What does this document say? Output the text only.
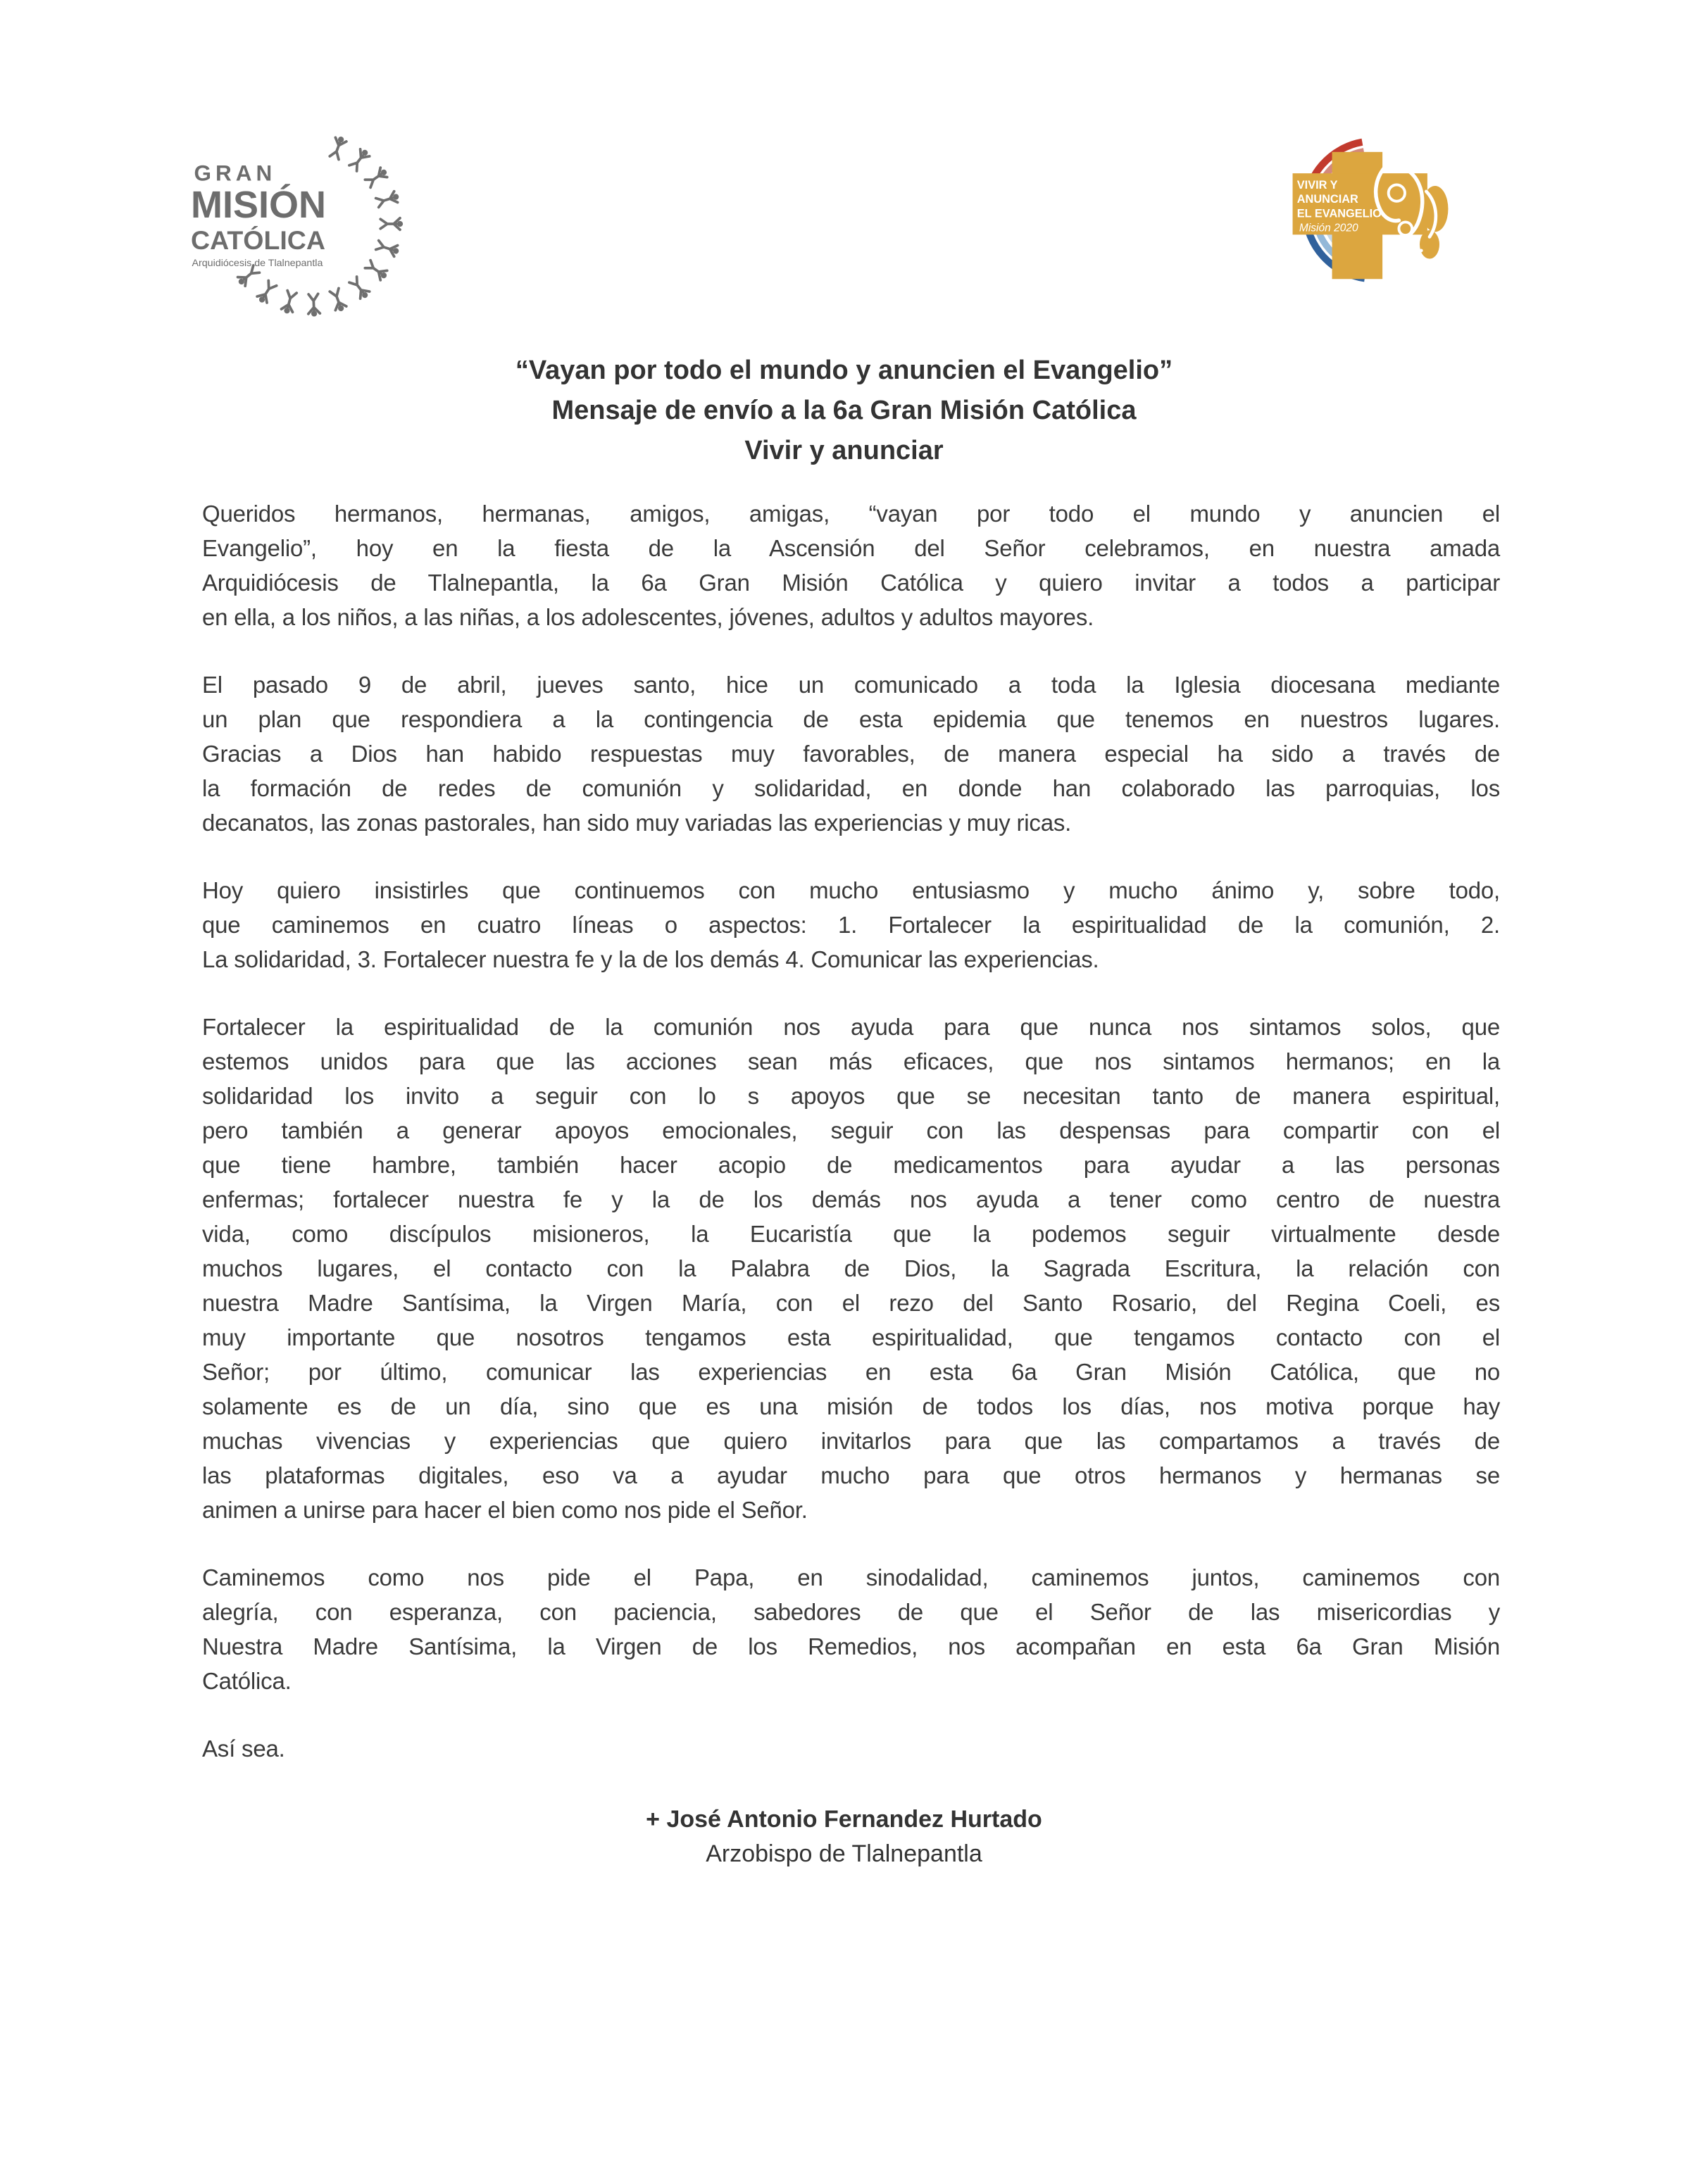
GRAN
MISIÓN
CATÓLICA
Arquidiócesis de Tlalnepantla
VIVIR Y
ANUNCIAR
EL EVANGELIO
Misión 2020
“Vayan por todo el mundo y anuncien el Evangelio”
Mensaje de envío a la 6a Gran Misión Católica
Vivir y anunciar
Queridos hermanos, hermanas, amigos, amigas, “vayan por todo el mundo y anuncien el
Evangelio”, hoy en la fiesta de la Ascensión del Señor celebramos, en nuestra amada
Arquidiócesis de Tlalnepantla, la 6a Gran Misión Católica y quiero invitar a todos a participar
en ella, a los niños, a las niñas, a los adolescentes, jóvenes, adultos y adultos mayores.
El pasado 9 de abril, jueves santo, hice un comunicado a toda la Iglesia diocesana mediante
un plan que respondiera a la contingencia de esta epidemia que tenemos en nuestros lugares.
Gracias a Dios han habido respuestas muy favorables, de manera especial ha sido a través de
la formación de redes de comunión y solidaridad, en donde han colaborado las parroquias, los
decanatos, las zonas pastorales, han sido muy variadas las experiencias y muy ricas.
Hoy quiero insistirles que continuemos con mucho entusiasmo y mucho ánimo y, sobre todo,
que caminemos en cuatro líneas o aspectos: 1. Fortalecer la espiritualidad de la comunión, 2.
La solidaridad, 3. Fortalecer nuestra fe y la de los demás 4. Comunicar las experiencias.
Fortalecer la espiritualidad de la comunión nos ayuda para que nunca nos sintamos solos, que
estemos unidos para que las acciones sean más eficaces, que nos sintamos hermanos; en la
solidaridad los invito a seguir con lo s apoyos que se necesitan tanto de manera espiritual,
pero también a generar apoyos emocionales, seguir con las despensas para compartir con el
que tiene hambre, también hacer acopio de medicamentos para ayudar a las personas
enfermas; fortalecer nuestra fe y la de los demás nos ayuda a tener como centro de nuestra
vida, como discípulos misioneros, la Eucaristía que la podemos seguir virtualmente desde
muchos lugares, el contacto con la Palabra de Dios, la Sagrada Escritura, la relación con
nuestra Madre Santísima, la Virgen María, con el rezo del Santo Rosario, del Regina Coeli, es
muy importante que nosotros tengamos esta espiritualidad, que tengamos contacto con el
Señor; por último, comunicar las experiencias en esta 6a Gran Misión Católica, que no
solamente es de un día, sino que es una misión de todos los días, nos motiva porque hay
muchas vivencias y experiencias que quiero invitarlos para que las compartamos a través de
las plataformas digitales, eso va a ayudar mucho para que otros hermanos y hermanas se
animen a unirse para hacer el bien como nos pide el Señor.
Caminemos como nos pide el Papa, en sinodalidad, caminemos juntos, caminemos con
alegría, con esperanza, con paciencia, sabedores de que el Señor de las misericordias y
Nuestra Madre Santísima, la Virgen de los Remedios, nos acompañan en esta 6a Gran Misión
Católica.
Así sea.
+ José Antonio Fernandez Hurtado
Arzobispo de Tlalnepantla
